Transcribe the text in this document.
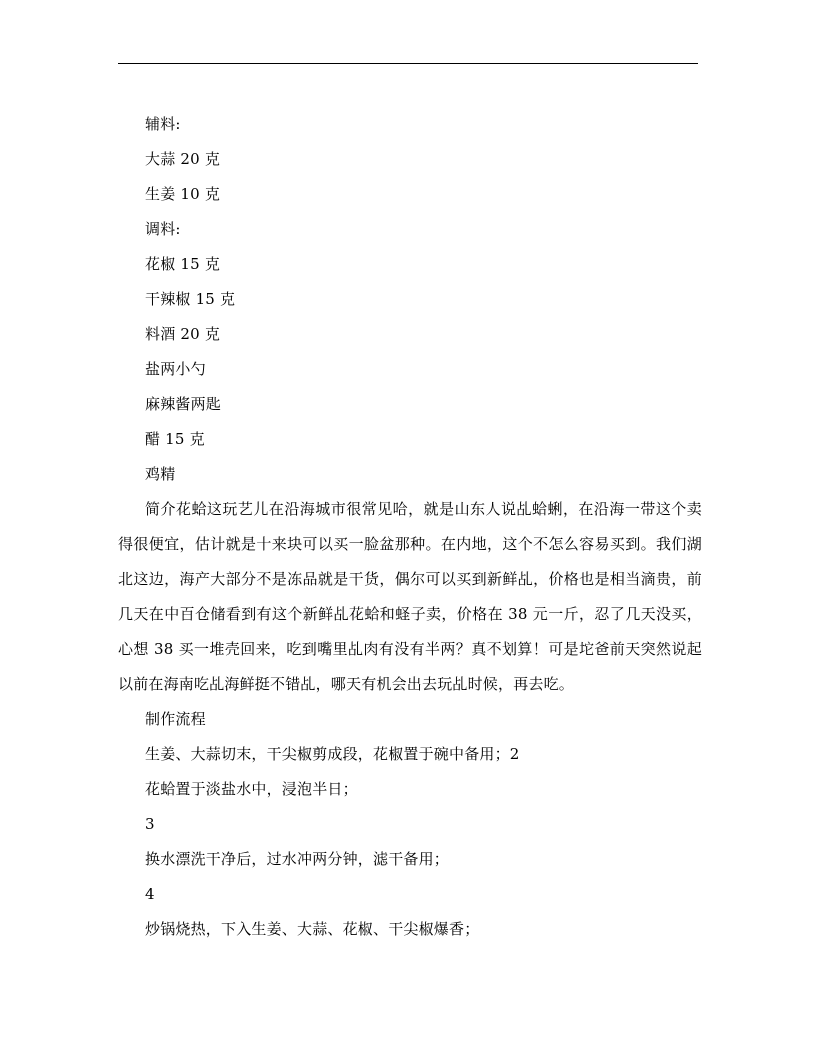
辅料:
大蒜 20 克
生姜 10 克
调料:
花椒 15 克
干辣椒 15 克
料酒 20 克
盐两小勺
麻辣酱两匙
醋 15 克
鸡精

简介花蛤这玩艺儿在沿海城市很常见哈，就是山东人说乩蛤蜊，在沿海一带这个卖得很便宜，估计就是十来块可以买一脸盆那种。在内地，这个不怎么容易买到。我们湖北这边，海产大部分不是冻品就是干货，偶尔可以买到新鲜乩，价格也是相当滴贵，前几天在中百仓储看到有这个新鲜乩花蛤和蛏子卖，价格在 38 元一斤，忍了几天没买，心想 38 买一堆壳回来，吃到嘴里乩肉有没有半两？真不划算！可是坨爸前天突然说起以前在海南吃乩海鲜挺不错乩，哪天有机会出去玩乩时候，再去吃。

制作流程
生姜、大蒜切末，干尖椒剪成段，花椒置于碗中备用；2
花蛤置于淡盐水中，浸泡半日；
3
换水漂洗干净后，过水冲两分钟，滤干备用；
4
炒锅烧热，下入生姜、大蒜、花椒、干尖椒爆香；
